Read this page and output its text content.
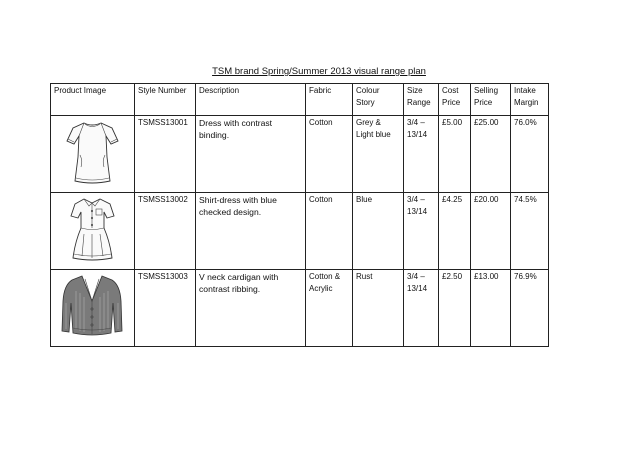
TSM brand Spring/Summer 2013 visual range plan
Product Image	Style Number	Description	Fabric	Colour Story	Size Range	Cost Price	Selling Price	Intake Margin

	TSMSS13001	Dress with contrast binding.	Cotton	Grey & Light blue	3/4 – 13/14	£5.00	£25.00	76.0%

	TSMSS13002	Shirt-dress with blue checked design.	Cotton	Blue	3/4 – 13/14	£4.25	£20.00	74.5%

	TSMSS13003	V neck cardigan with contrast ribbing.	Cotton & Acrylic	Rust	3/4 – 13/14	£2.50	£13.00	76.9%
